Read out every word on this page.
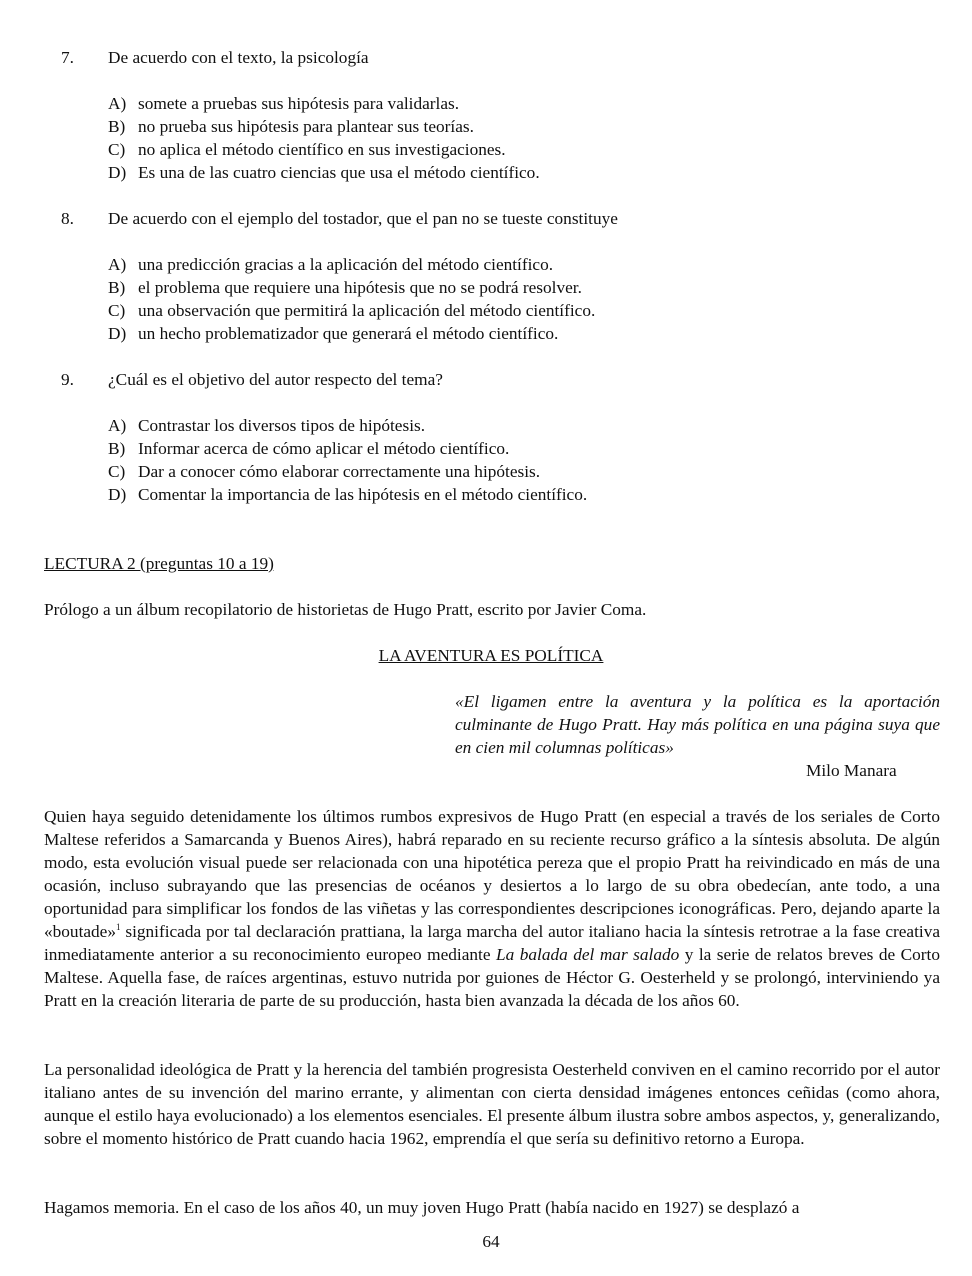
7. De acuerdo con el texto, la psicología
A) somete a pruebas sus hipótesis para validarlas.
B) no prueba sus hipótesis para plantear sus teorías.
C) no aplica el método científico en sus investigaciones.
D) Es una de las cuatro ciencias que usa el método científico.
8. De acuerdo con el ejemplo del tostador, que el pan no se tueste constituye
A) una predicción gracias a la aplicación del método científico.
B) el problema que requiere una hipótesis que no se podrá resolver.
C) una observación que permitirá la aplicación del método científico.
D) un hecho problematizador que generará el método científico.
9. ¿Cuál es el objetivo del autor respecto del tema?
A) Contrastar los diversos tipos de hipótesis.
B) Informar acerca de cómo aplicar el método científico.
C) Dar a conocer cómo elaborar correctamente una hipótesis.
D) Comentar la importancia de las hipótesis en el método científico.
LECTURA 2 (preguntas 10 a 19)
Prólogo a un álbum recopilatorio de historietas de Hugo Pratt, escrito por Javier Coma.
LA AVENTURA ES POLÍTICA
«El ligamen entre la aventura y la política es la aportación culminante de Hugo Pratt. Hay más política en una página suya que en cien mil columnas políticas»
Milo Manara

Quien haya seguido detenidamente los últimos rumbos expresivos de Hugo Pratt (en especial a través de los seriales de Corto Maltese referidos a Samarcanda y Buenos Aires), habrá reparado en su reciente recurso gráfico a la síntesis absoluta. De algún modo, esta evolución visual puede ser relacionada con una hipotética pereza que el propio Pratt ha reivindicado en más de una ocasión, incluso subrayando que las presencias de océanos y desiertos a lo largo de su obra obedecían, ante todo, a una oportunidad para simplificar los fondos de las viñetas y las correspondientes descripciones iconográficas. Pero, dejando aparte la «boutade»$^1$ significada por tal declaración prattiana, la larga marcha del autor italiano hacia la síntesis retrotrae a la fase creativa inmediatamente anterior a su reconocimiento europeo mediante La balada del mar salado y la serie de relatos breves de Corto Maltese. Aquella fase, de raíces argentinas, estuvo nutrida por guiones de Héctor G. Oesterheld y se prolongó, interviniendo ya Pratt en la creación literaria de parte de su producción, hasta bien avanzada la década de los años 60.

La personalidad ideológica de Pratt y la herencia del también progresista Oesterheld conviven en el camino recorrido por el autor italiano antes de su invención del marino errante, y alimentan con cierta densidad imágenes entonces ceñidas (como ahora, aunque el estilo haya evolucionado) a los elementos esenciales. El presente álbum ilustra sobre ambos aspectos, y, generalizando, sobre el momento histórico de Pratt cuando hacia 1962, emprendía el que sería su definitivo retorno a Europa.

Hagamos memoria. En el caso de los años 40, un muy joven Hugo Pratt (había nacido en 1927) se desplazó a

64
